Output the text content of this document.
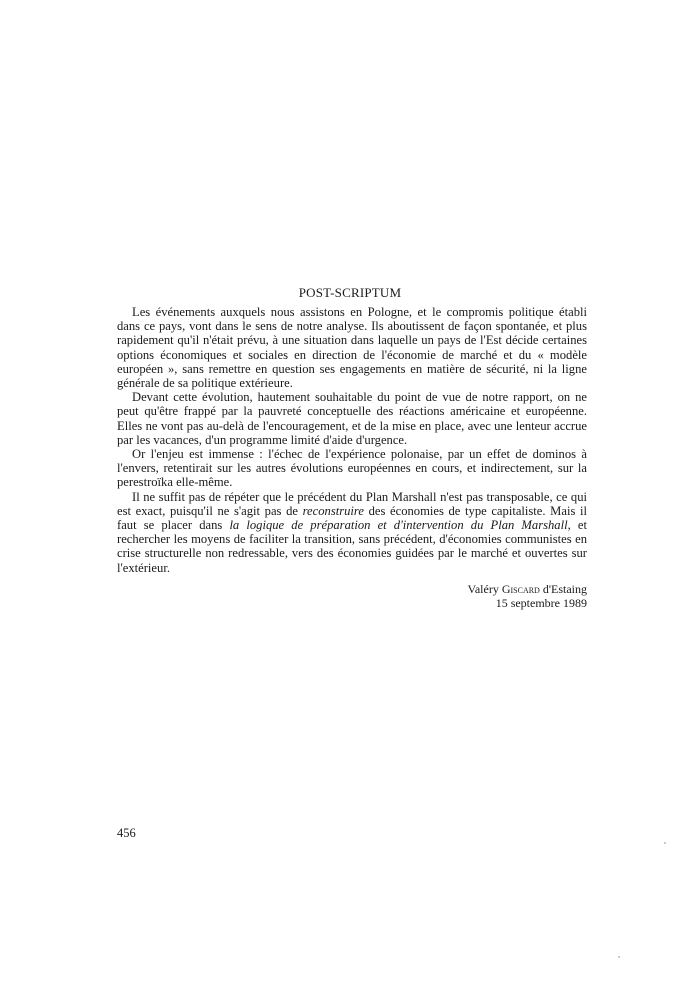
POST-SCRIPTUM

Les événements auxquels nous assistons en Pologne, et le compromis politique établi dans ce pays, vont dans le sens de notre analyse. Ils aboutissent de façon spontanée, et plus rapidement qu'il n'était prévu, à une situation dans laquelle un pays de l'Est décide certaines options économiques et sociales en direction de l'économie de marché et du « modèle européen », sans remettre en question ses engagements en matière de sécurité, ni la ligne générale de sa politique extérieure.

Devant cette évolution, hautement souhaitable du point de vue de notre rapport, on ne peut qu'être frappé par la pauvreté conceptuelle des réactions américaine et européenne. Elles ne vont pas au-delà de l'encouragement, et de la mise en place, avec une lenteur accrue par les vacances, d'un programme limité d'aide d'urgence.

Or l'enjeu est immense : l'échec de l'expérience polonaise, par un effet de dominos à l'envers, retentirait sur les autres évolutions européennes en cours, et indirectement, sur la perestroïka elle-même.

Il ne suffit pas de répéter que le précédent du Plan Marshall n'est pas transposable, ce qui est exact, puisqu'il ne s'agit pas de reconstruire des économies de type capitaliste. Mais il faut se placer dans la logique de préparation et d'intervention du Plan Marshall, et rechercher les moyens de faciliter la transition, sans précédent, d'économies communistes en crise structurelle non redressable, vers des économies guidées par le marché et ouvertes sur l'extérieur.

Valéry Giscard d'Estaing
15 septembre 1989
456
